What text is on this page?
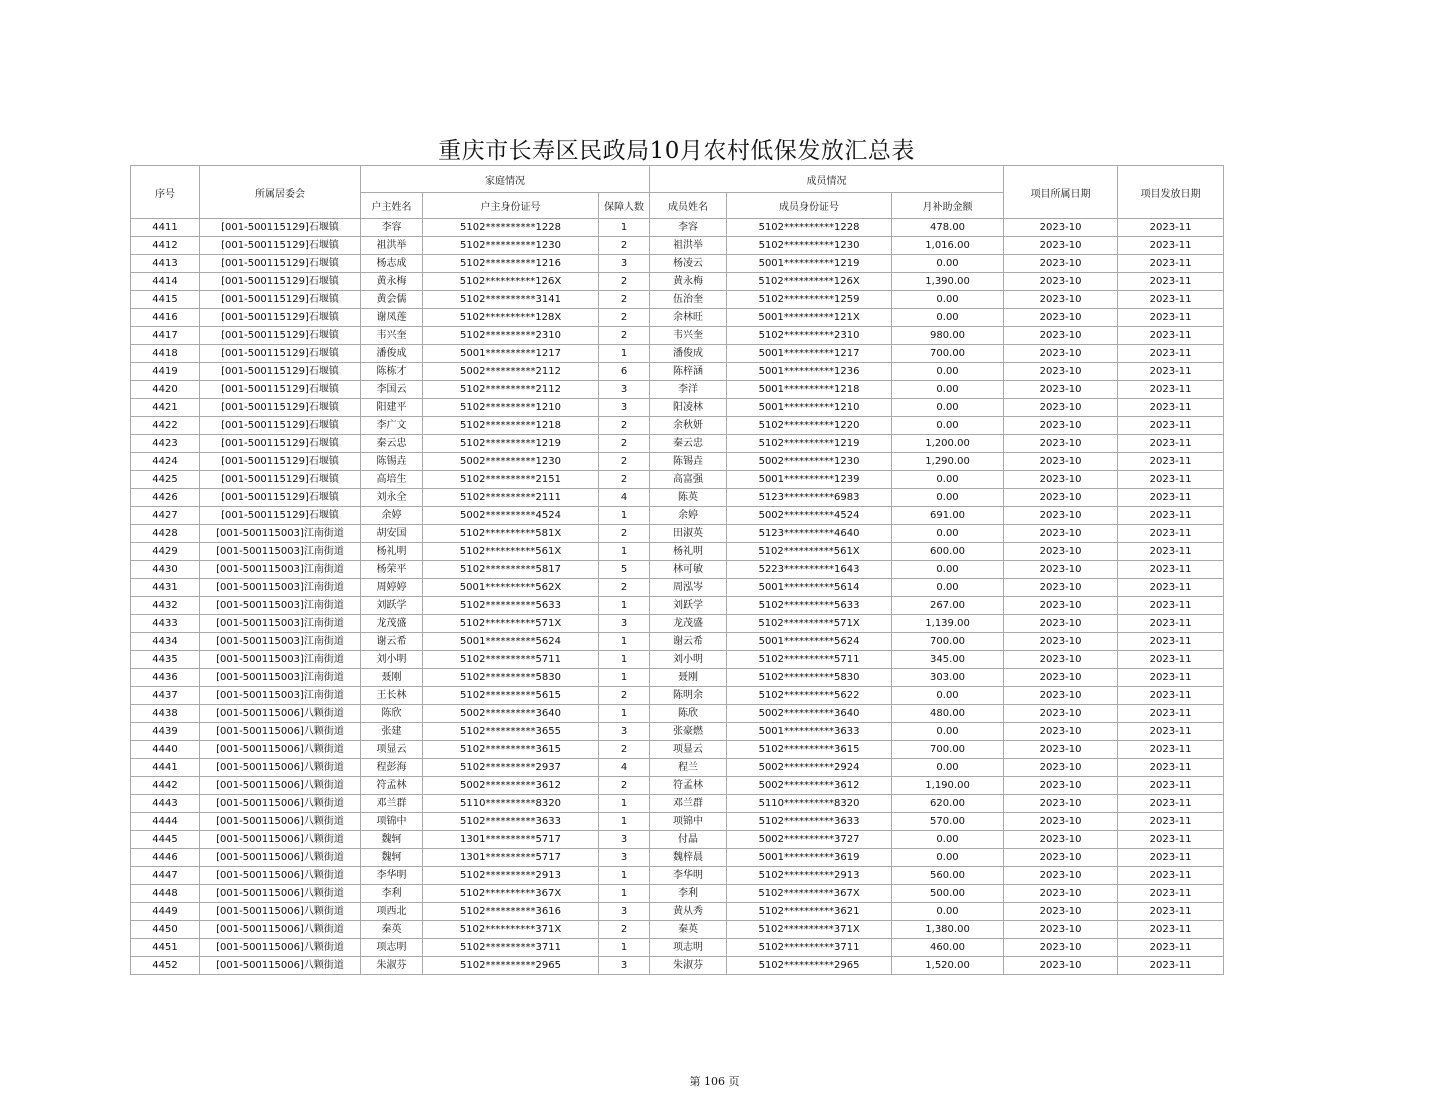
重庆市长寿区民政局10月农村低保发放汇总表
序号	所属居委会	家庭情况			成员情况			项目所属日期	项目发放日期
		户主姓名	户主身份证号	保障人数	成员姓名	成员身份证号	月补助金额		
4411	[001-500115129]石堰镇	李容	5102**********1228	1	李容	5102**********1228	478.00	2023-10	2023-11
4412	[001-500115129]石堰镇	祖洪举	5102**********1230	2	祖洪举	5102**********1230	1,016.00	2023-10	2023-11
4413	[001-500115129]石堰镇	杨志成	5102**********1216	3	杨凌云	5001**********1219	0.00	2023-10	2023-11
4414	[001-500115129]石堰镇	黄永梅	5102**********126X	2	黄永梅	5102**********126X	1,390.00	2023-10	2023-11
4415	[001-500115129]石堰镇	黄会儒	5102**********3141	2	伍治奎	5102**********1259	0.00	2023-10	2023-11
4416	[001-500115129]石堰镇	谢凤莲	5102**********128X	2	余林旺	5001**********121X	0.00	2023-10	2023-11
4417	[001-500115129]石堰镇	韦兴奎	5102**********2310	2	韦兴奎	5102**********2310	980.00	2023-10	2023-11
4418	[001-500115129]石堰镇	潘俊成	5001**********1217	1	潘俊成	5001**********1217	700.00	2023-10	2023-11
4419	[001-500115129]石堰镇	陈栋才	5002**********2112	6	陈梓涵	5001**********1236	0.00	2023-10	2023-11
4420	[001-500115129]石堰镇	李国云	5102**********2112	3	李洋	5001**********1218	0.00	2023-10	2023-11
4421	[001-500115129]石堰镇	阳建平	5102**********1210	3	阳凌林	5001**********1210	0.00	2023-10	2023-11
4422	[001-500115129]石堰镇	李广文	5102**********1218	2	余秋妍	5102**********1220	0.00	2023-10	2023-11
4423	[001-500115129]石堰镇	秦云忠	5102**********1219	2	秦云忠	5102**********1219	1,200.00	2023-10	2023-11
4424	[001-500115129]石堰镇	陈锡垚	5002**********1230	2	陈锡垚	5002**********1230	1,290.00	2023-10	2023-11
4425	[001-500115129]石堰镇	高培生	5102**********2151	2	高富强	5001**********1239	0.00	2023-10	2023-11
4426	[001-500115129]石堰镇	刘永全	5102**********2111	4	陈英	5123**********6983	0.00	2023-10	2023-11
4427	[001-500115129]石堰镇	余婷	5002**********4524	1	余婷	5002**********4524	691.00	2023-10	2023-11
4428	[001-500115003]江南街道	胡安国	5102**********581X	2	田淑英	5123**********4640	0.00	2023-10	2023-11
4429	[001-500115003]江南街道	杨礼明	5102**********561X	1	杨礼明	5102**********561X	600.00	2023-10	2023-11
4430	[001-500115003]江南街道	杨荣平	5102**********5817	5	林可敏	5223**********1643	0.00	2023-10	2023-11
4431	[001-500115003]江南街道	周婷婷	5001**********562X	2	周泓岑	5001**********5614	0.00	2023-10	2023-11
4432	[001-500115003]江南街道	刘跃学	5102**********5633	1	刘跃学	5102**********5633	267.00	2023-10	2023-11
4433	[001-500115003]江南街道	龙茂盛	5102**********571X	3	龙茂盛	5102**********571X	1,139.00	2023-10	2023-11
4434	[001-500115003]江南街道	谢云希	5001**********5624	1	谢云希	5001**********5624	700.00	2023-10	2023-11
4435	[001-500115003]江南街道	刘小明	5102**********5711	1	刘小明	5102**********5711	345.00	2023-10	2023-11
4436	[001-500115003]江南街道	聂刚	5102**********5830	1	聂刚	5102**********5830	303.00	2023-10	2023-11
4437	[001-500115003]江南街道	王长林	5102**********5615	2	陈明余	5102**********5622	0.00	2023-10	2023-11
4438	[001-500115006]八颗街道	陈欣	5002**********3640	1	陈欣	5002**********3640	480.00	2023-10	2023-11
4439	[001-500115006]八颗街道	张建	5102**********3655	3	张豪燃	5001**********3633	0.00	2023-10	2023-11
4440	[001-500115006]八颗街道	项显云	5102**********3615	2	项显云	5102**********3615	700.00	2023-10	2023-11
4441	[001-500115006]八颗街道	程彭海	5102**********2937	4	程兰	5002**********2924	0.00	2023-10	2023-11
4442	[001-500115006]八颗街道	符孟林	5002**********3612	2	符孟林	5002**********3612	1,190.00	2023-10	2023-11
4443	[001-500115006]八颗街道	邓兰群	5110**********8320	1	邓兰群	5110**********8320	620.00	2023-10	2023-11
4444	[001-500115006]八颗街道	项锦中	5102**********3633	1	项锦中	5102**********3633	570.00	2023-10	2023-11
4445	[001-500115006]八颗街道	魏轲	1301**********5717	3	付晶	5002**********3727	0.00	2023-10	2023-11
4446	[001-500115006]八颗街道	魏轲	1301**********5717	3	魏梓晨	5001**********3619	0.00	2023-10	2023-11
4447	[001-500115006]八颗街道	李华明	5102**********2913	1	李华明	5102**********2913	560.00	2023-10	2023-11
4448	[001-500115006]八颗街道	李利	5102**********367X	1	李利	5102**********367X	500.00	2023-10	2023-11
4449	[001-500115006]八颗街道	项西北	5102**********3616	3	黄从秀	5102**********3621	0.00	2023-10	2023-11
4450	[001-500115006]八颗街道	秦英	5102**********371X	2	秦英	5102**********371X	1,380.00	2023-10	2023-11
4451	[001-500115006]八颗街道	项志明	5102**********3711	1	项志明	5102**********3711	460.00	2023-10	2023-11
4452	[001-500115006]八颗街道	朱淑芬	5102**********2965	3	朱淑芬	5102**********2965	1,520.00	2023-10	2023-11
第 106 页
